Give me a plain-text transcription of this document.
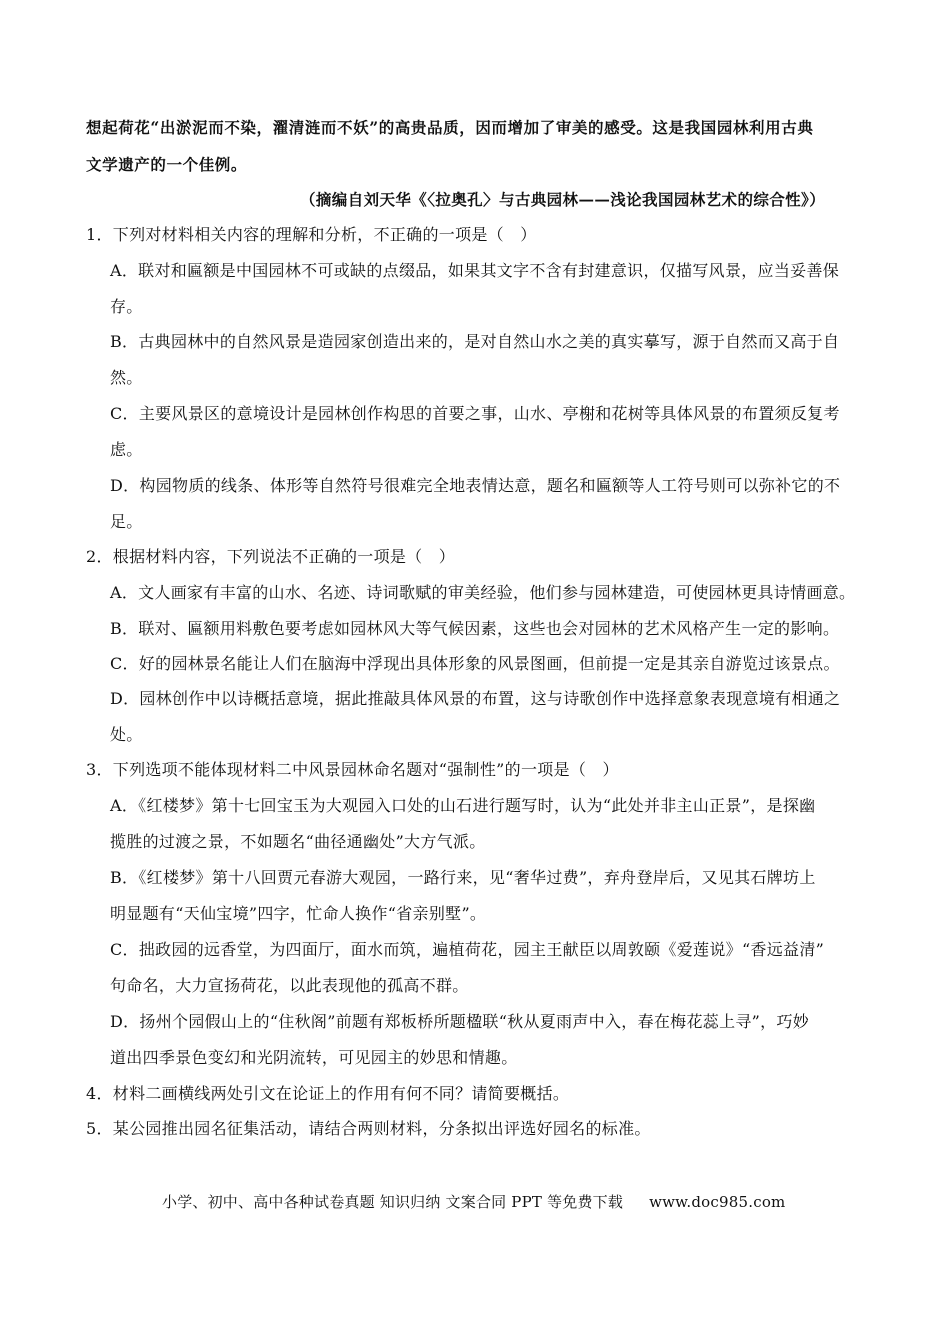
想起荷花“出淤泥而不染，濯清涟而不妖”的高贵品质，因而增加了审美的感受。这是我国园林利用古典
文学遗产的一个佳例。
（摘编自刘天华《〈拉奥孔〉与古典园林——浅论我国园林艺术的综合性》）
1．下列对材料相关内容的理解和分析，不正确的一项是（　）
A．联对和匾额是中国园林不可或缺的点缀品，如果其文字不含有封建意识，仅描写风景，应当妥善保
存。
B．古典园林中的自然风景是造园家创造出来的，是对自然山水之美的真实摹写，源于自然而又高于自
然。
C．主要风景区的意境设计是园林创作构思的首要之事，山水、亭榭和花树等具体风景的布置须反复考
虑。
D．构园物质的线条、体形等自然符号很难完全地表情达意，题名和匾额等人工符号则可以弥补它的不
足。
2．根据材料内容，下列说法不正确的一项是（　）
A．文人画家有丰富的山水、名迹、诗词歌赋的审美经验，他们参与园林建造，可使园林更具诗情画意。
B．联对、匾额用料敷色要考虑如园林风大等气候因素，这些也会对园林的艺术风格产生一定的影响。
C．好的园林景名能让人们在脑海中浮现出具体形象的风景图画，但前提一定是其亲自游览过该景点。
D．园林创作中以诗概括意境，据此推敲具体风景的布置，这与诗歌创作中选择意象表现意境有相通之
处。
3．下列选项不能体现材料二中风景园林命名题对“强制性”的一项是（　）
A．《红楼梦》第十七回宝玉为大观园入口处的山石进行题写时，认为“此处并非主山正景”，是探幽
揽胜的过渡之景，不如题名“曲径通幽处”大方气派。
B．《红楼梦》第十八回贾元春游大观园，一路行来，见“奢华过费”，弃舟登岸后，又见其石牌坊上
明显题有“天仙宝境”四字，忙命人换作“省亲别墅”。
C．拙政园的远香堂，为四面厅，面水而筑，遍植荷花，园主王献臣以周敦颐《爱莲说》“香远益清”
句命名，大力宣扬荷花，以此表现他的孤高不群。
D．扬州个园假山上的“住秋阁”前题有郑板桥所题楹联“秋从夏雨声中入，春在梅花蕊上寻”，巧妙
道出四季景色变幻和光阴流转，可见园主的妙思和情趣。
4．材料二画横线两处引文在论证上的作用有何不同？请简要概括。
5．某公园推出园名征集活动，请结合两则材料，分条拟出评选好园名的标准。
小学、初中、高中各种试卷真题 知识归纳 文案合同 PPT 等免费下载 www.doc985.com
